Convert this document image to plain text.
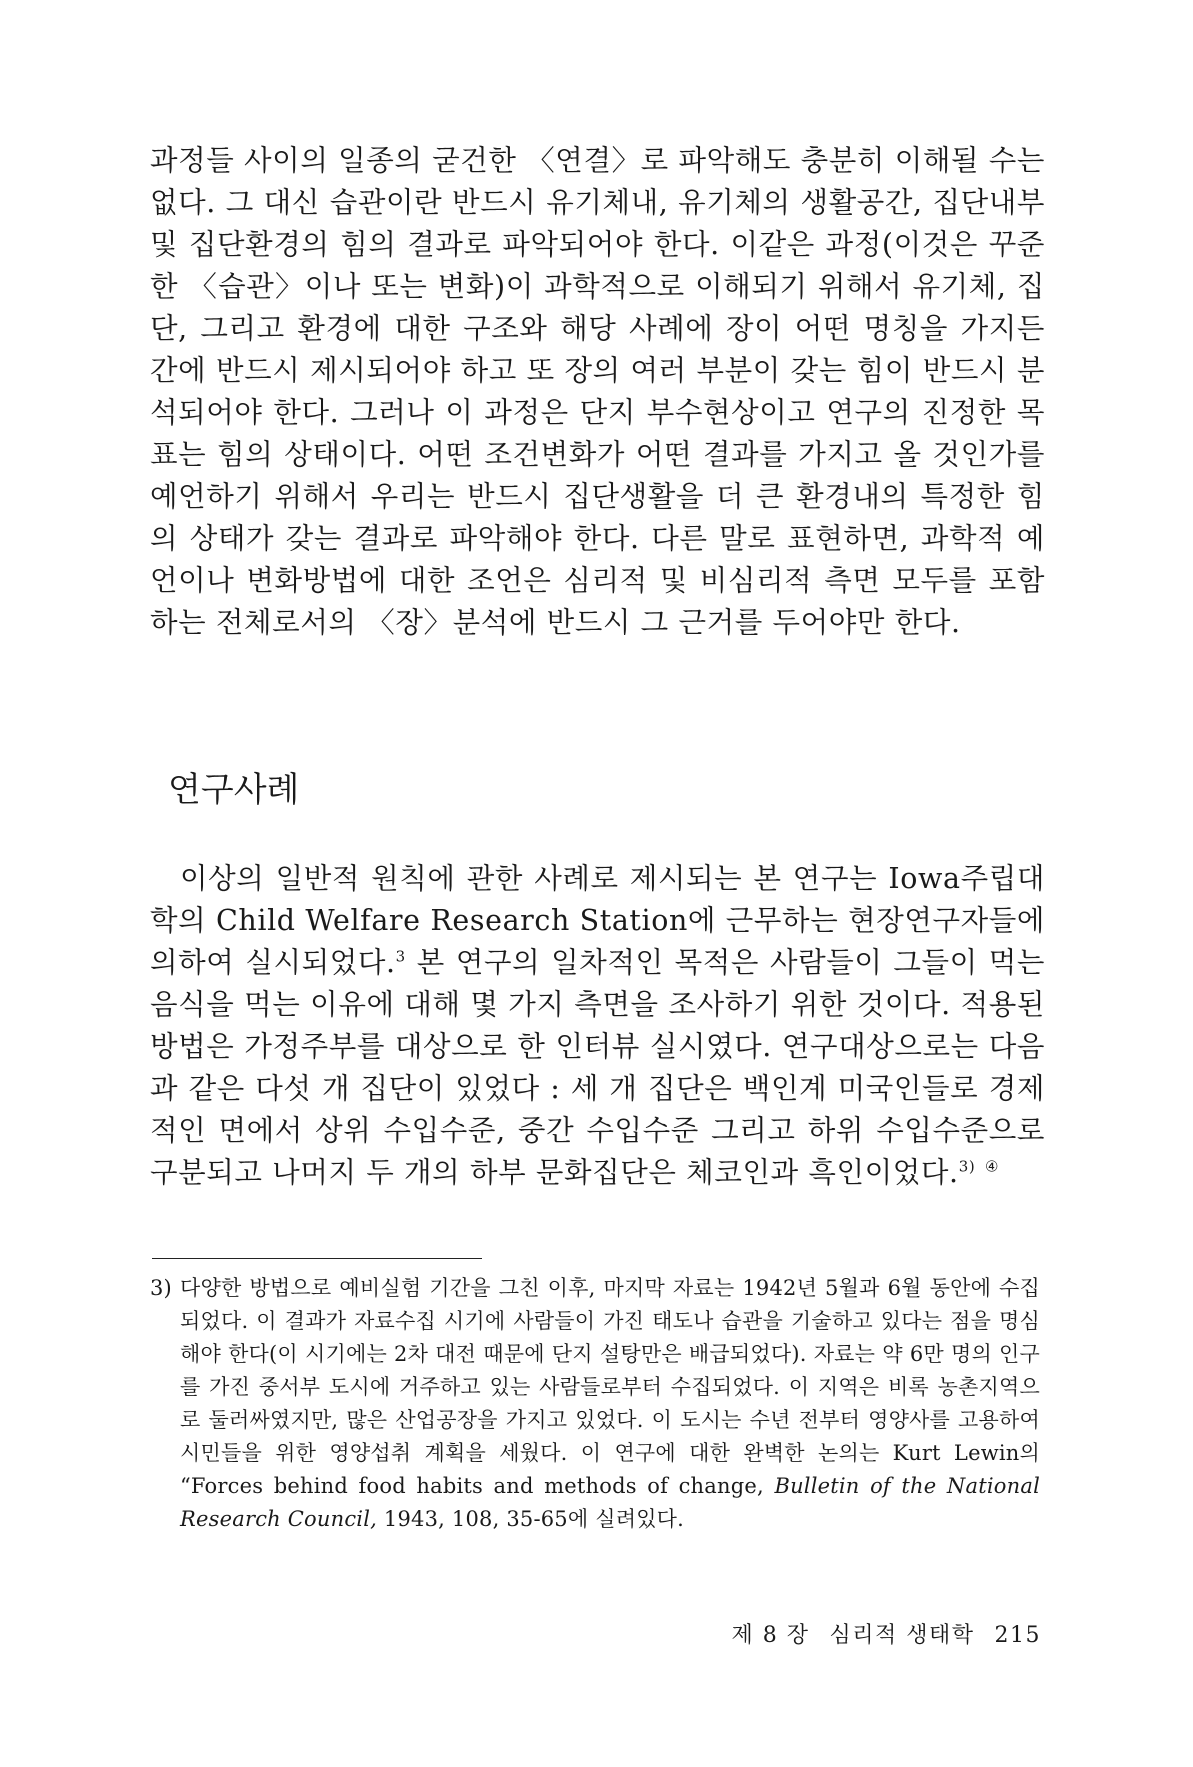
과정들 사이의 일종의 굳건한 〈연결〉로 파악해도 충분히 이해될 수는 없다. 그 대신 습관이란 반드시 유기체내, 유기체의 생활공간, 집단내부 및 집단환경의 힘의 결과로 파악되어야 한다. 이같은 과정(이것은 꾸준한 〈습관〉이나 또는 변화)이 과학적으로 이해되기 위해서 유기체, 집단, 그리고 환경에 대한 구조와 해당 사례에 장이 어떤 명칭을 가지든 간에 반드시 제시되어야 하고 또 장의 여러 부분이 갖는 힘이 반드시 분석되어야 한다. 그러나 이 과정은 단지 부수현상이고 연구의 진정한 목표는 힘의 상태이다. 어떤 조건변화가 어떤 결과를 가지고 올 것인가를 예언하기 위해서 우리는 반드시 집단생활을 더 큰 환경내의 특정한 힘의 상태가 갖는 결과로 파악해야 한다. 다른 말로 표현하면, 과학적 예언이나 변화방법에 대한 조언은 심리적 및 비심리적 측면 모두를 포함하는 전체로서의 〈장〉분석에 반드시 그 근거를 두어야만 한다.

연구사례

이상의 일반적 원칙에 관한 사례로 제시되는 본 연구는 Iowa주립대학의 Child Welfare Research Station에 근무하는 현장연구자들에 의하여 실시되었다.$^3$ 본 연구의 일차적인 목적은 사람들이 그들이 먹는 음식을 먹는 이유에 대해 몇 가지 측면을 조사하기 위한 것이다. 적용된 방법은 가정주부를 대상으로 한 인터뷰 실시였다. 연구대상으로는 다음과 같은 다섯 개 집단이 있었다 : 세 개 집단은 백인계 미국인들로 경제적인 면에서 상위 수입수준, 중간 수입수준 그리고 하위 수입수준으로 구분되고 나머지 두 개의 하부 문화집단은 체코인과 흑인이었다.$^{3)}$ ④

3) 다양한 방법으로 예비실험 기간을 그친 이후, 마지막 자료는 1942년 5월과 6월 동안에 수집되었다. 이 결과가 자료수집 시기에 사람들이 가진 태도나 습관을 기술하고 있다는 점을 명심해야 한다(이 시기에는 2차 대전 때문에 단지 설탕만은 배급되었다). 자료는 약 6만 명의 인구를 가진 중서부 도시에 거주하고 있는 사람들로부터 수집되었다. 이 지역은 비록 농촌지역으로 둘러싸였지만, 많은 산업공장을 가지고 있었다. 이 도시는 수년 전부터 영양사를 고용하여 시민들을 위한 영양섭취 계획을 세웠다. 이 연구에 대한 완벽한 논의는 Kurt Lewin의 “Forces behind food habits and methods of change, Bulletin of the National Research Council, 1943, 108, 35-65에 실려있다.

제 8 장 심리적 생태학 215
